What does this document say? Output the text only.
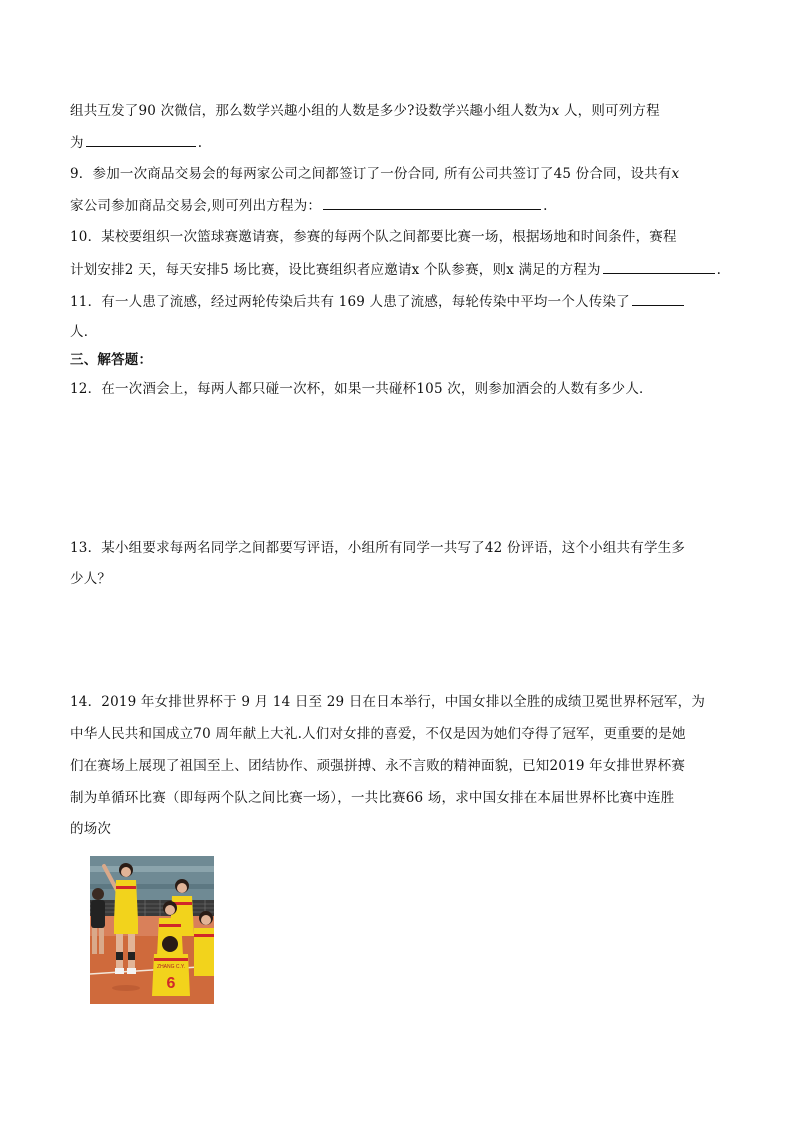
组共互发了90 次微信，那么数学兴趣小组的人数是多少?设数学兴趣小组人数为x 人，则可列方程
为	.
9．参加一次商品交易会的每两家公司之间都签订了一份合同, 所有公司共签订了45 份合同，设共有x
家公司参加商品交易会,则可列出方程为：	.
10．某校要组织一次篮球赛邀请赛，参赛的每两个队之间都要比赛一场，根据场地和时间条件，赛程
计划安排2 天，每天安排5 场比赛，设比赛组织者应邀请x 个队参赛，则x 满足的方程为	.
11．有一人患了流感，经过两轮传染后共有 169 人患了流感，每轮传染中平均一个人传染了
人．
三、解答题：
12．在一次酒会上，每两人都只碰一次杯，如果一共碰杯105 次，则参加酒会的人数有多少人．
13．某小组要求每两名同学之间都要写评语，小组所有同学一共写了42 份评语，这个小组共有学生多
少人？
14．2019 年女排世界杯于 9 月 14 日至 29 日在日本举行，中国女排以全胜的成绩卫冕世界杯冠军，为
中华人民共和国成立70 周年献上大礼.人们对女排的喜爱，不仅是因为她们夺得了冠军，更重要的是她
们在赛场上展现了祖国至上、团结协作、顽强拼搏、永不言败的精神面貌，已知2019 年女排世界杯赛
制为单循环比赛（即每两个队之间比赛一场），一共比赛66 场，求中国女排在本届世界杯比赛中连胜
的场次
ZHANG C.Y.
6
